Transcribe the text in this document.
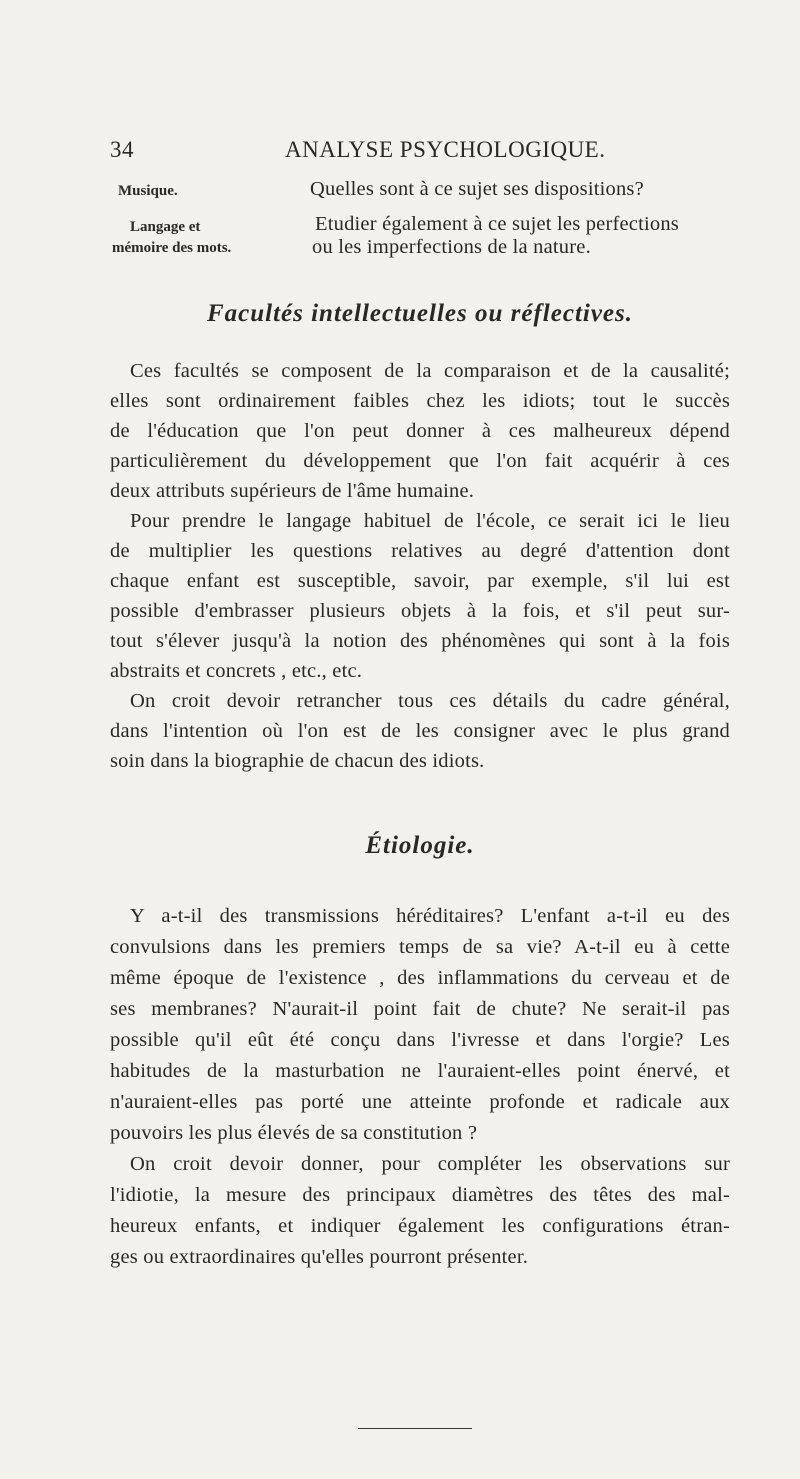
34	ANALYSE PSYCHOLOGIQUE.
Musique.
Langage et
mémoire des mots.
Quelles sont à ce sujet ses dispositions?
Etudier également à ce sujet les perfections
ou les imperfections de la nature.
Facultés intellectuelles ou réflectives.
Ces facultés se composent de la comparaison et de la causalité;
elles sont ordinairement faibles chez les idiots; tout le succès
de l'éducation que l'on peut donner à ces malheureux dépend
particulièrement du développement que l'on fait acquérir à ces
deux attributs supérieurs de l'âme humaine.
Pour prendre le langage habituel de l'école, ce serait ici le lieu
de multiplier les questions relatives au degré d'attention dont
chaque enfant est susceptible, savoir, par exemple, s'il lui est
possible d'embrasser plusieurs objets à la fois, et s'il peut sur-
tout s'élever jusqu'à la notion des phénomènes qui sont à la fois
abstraits et concrets , etc., etc.
On croit devoir retrancher tous ces détails du cadre général,
dans l'intention où l'on est de les consigner avec le plus grand
soin dans la biographie de chacun des idiots.
Étiologie.
Y a-t-il des transmissions héréditaires? L'enfant a-t-il eu des
convulsions dans les premiers temps de sa vie? A-t-il eu à cette
même époque de l'existence , des inflammations du cerveau et de
ses membranes? N'aurait-il point fait de chute? Ne serait-il pas
possible qu'il eût été conçu dans l'ivresse et dans l'orgie? Les
habitudes de la masturbation ne l'auraient-elles point énervé, et
n'auraient-elles pas porté une atteinte profonde et radicale aux
pouvoirs les plus élevés de sa constitution ?
On croit devoir donner, pour compléter les observations sur
l'idiotie, la mesure des principaux diamètres des têtes des mal-
heureux enfants, et indiquer également les configurations étran-
ges ou extraordinaires qu'elles pourront présenter.
